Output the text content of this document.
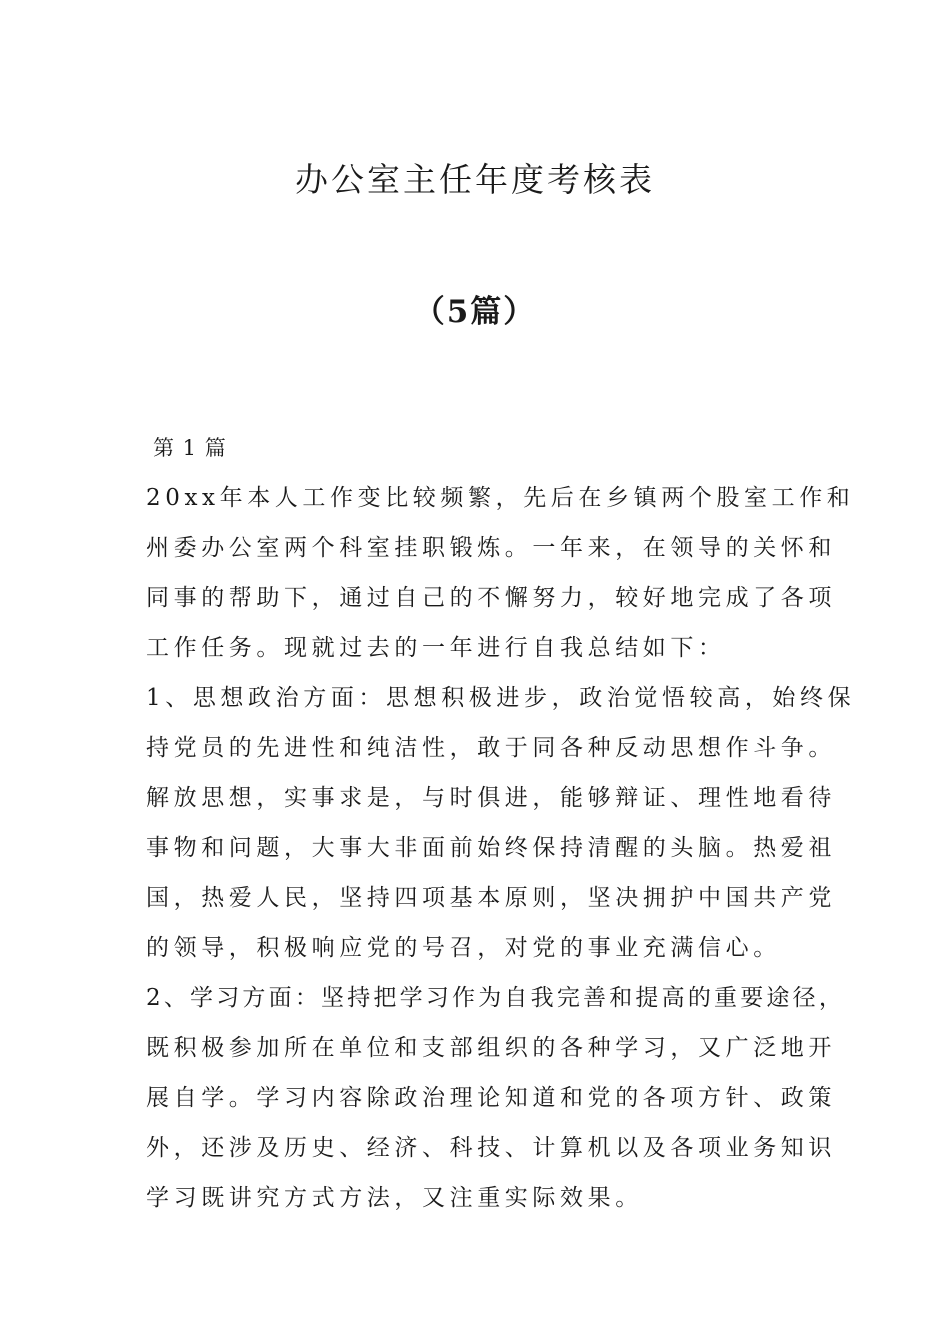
办公室主任年度考核表
（5篇）

第 1 篇

20xx年本人工作变比较频繁，先后在乡镇两个股室工作和
州委办公室两个科室挂职锻炼。一年来，在领导的关怀和
同事的帮助下，通过自己的不懈努力，较好地完成了各项
工作任务。现就过去的一年进行自我总结如下：
1、思想政治方面：思想积极进步，政治觉悟较高，始终保
持党员的先进性和纯洁性，敢于同各种反动思想作斗争。
解放思想，实事求是，与时俱进，能够辩证、理性地看待
事物和问题，大事大非面前始终保持清醒的头脑。热爱祖
国，热爱人民，坚持四项基本原则，坚决拥护中国共产党
的领导，积极响应党的号召，对党的事业充满信心。
2、学习方面：坚持把学习作为自我完善和提高的重要途径，
既积极参加所在单位和支部组织的各种学习，又广泛地开
展自学。学习内容除政治理论知道和党的各项方针、政策
外，还涉及历史、经济、科技、计算机以及各项业务知识
学习既讲究方式方法，又注重实际效果。
